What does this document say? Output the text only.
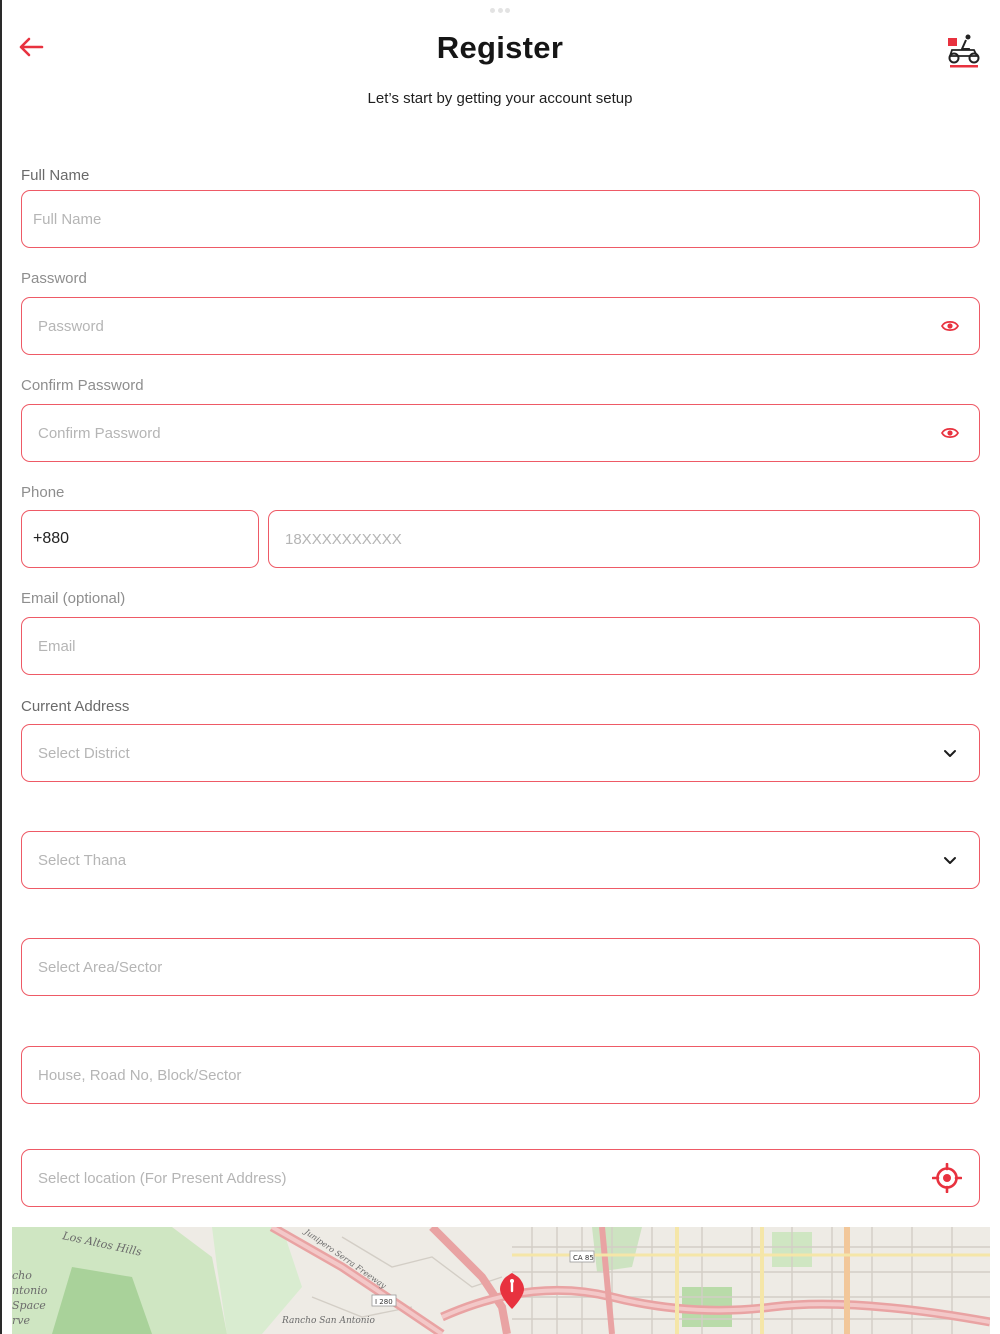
Register
Let’s start by getting your account setup
Full Name
Full Name
Password
Confirm Password
Phone
+880
18XXXXXXXXXX
Email (optional)
Email
Current Address
Select District
Select Thana
Select Area/Sector
House, Road No, Block/Sector
Select location (For Present Address)
Los Altos Hills	Junipero Serra Freeway
cho
ntonio
Space
rve	Rancho San Antonio
I 280
CA 85
